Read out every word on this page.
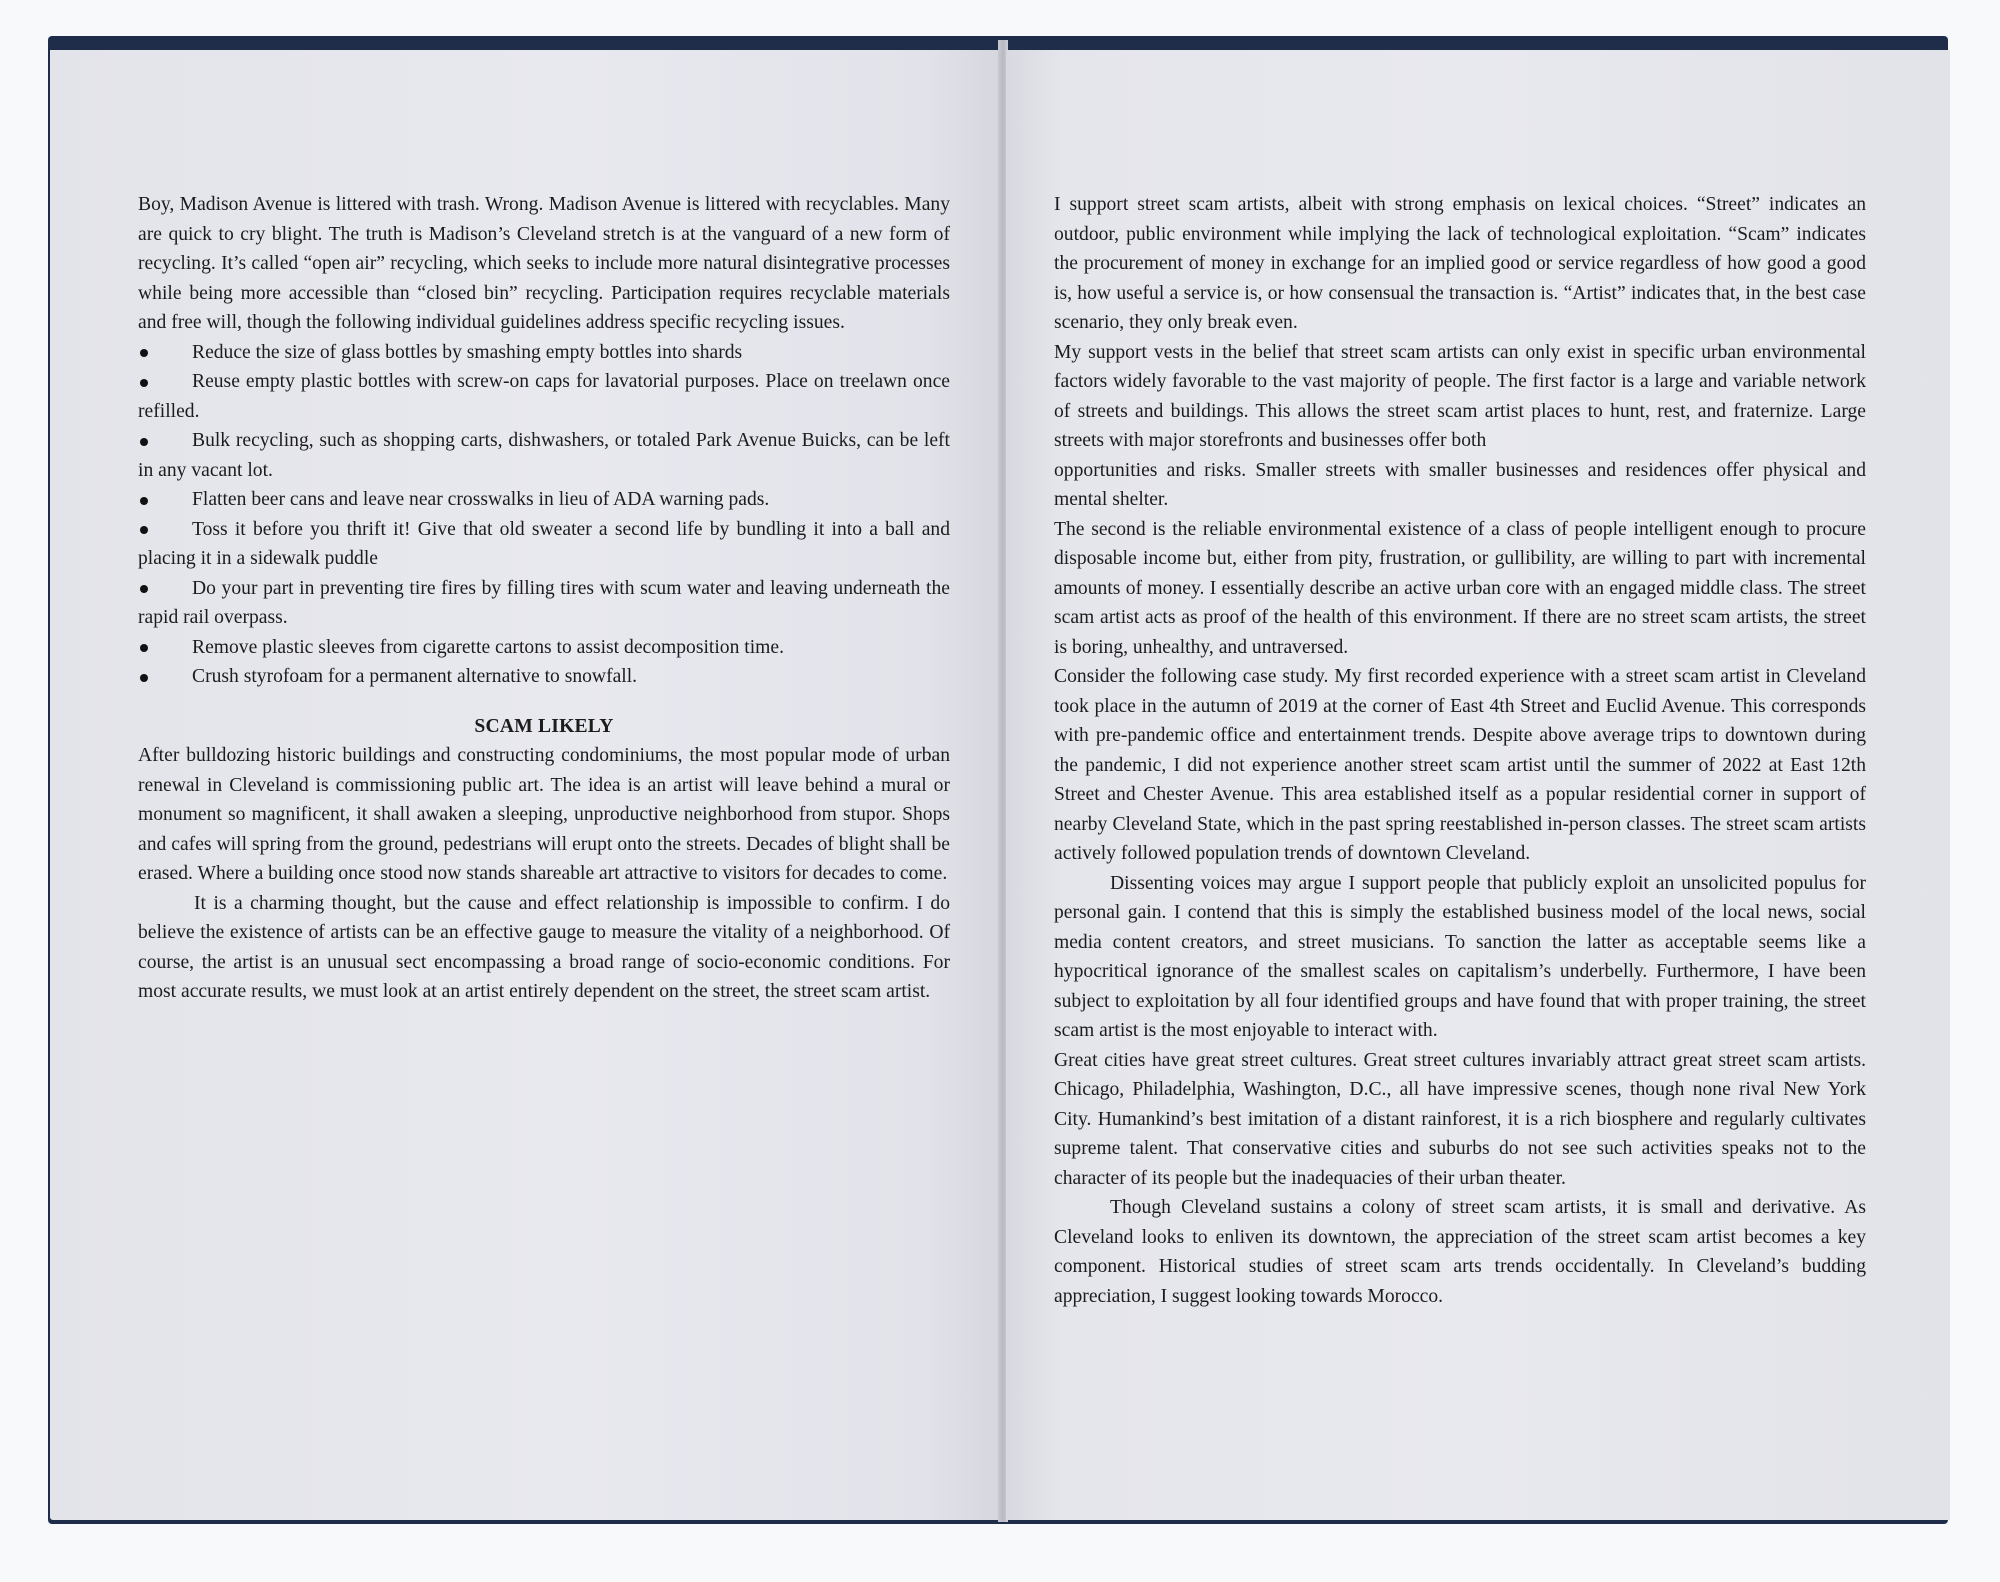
Boy, Madison Avenue is littered with trash. Wrong. Madison Avenue is littered with recyclables. Many are quick to cry blight. The truth is Madison’s Cleveland stretch is at the vanguard of a new form of recycling. It’s called “open air” recycling, which seeks to include more natural disintegrative processes while being more accessible than “closed bin” recycling. Participation requires recyclable materials and free will, though the following individual guidelines address specific recycling issues.

Reduce the size of glass bottles by smashing empty bottles into shards

Reuse empty plastic bottles with screw-on caps for lavatorial purposes. Place on treelawn once refilled.

Bulk recycling, such as shopping carts, dishwashers, or totaled Park Avenue Buicks, can be left in any vacant lot.

Flatten beer cans and leave near crosswalks in lieu of ADA warning pads.

Toss it before you thrift it! Give that old sweater a second life by bundling it into a ball and placing it in a sidewalk puddle

Do your part in preventing tire fires by filling tires with scum water and leaving underneath the rapid rail overpass.

Remove plastic sleeves from cigarette cartons to assist decomposition time.

Crush styrofoam for a permanent alternative to snowfall.

SCAM LIKELY

After bulldozing historic buildings and constructing condominiums, the most popular mode of urban renewal in Cleveland is commissioning public art. The idea is an artist will leave behind a mural or monument so magnificent, it shall awaken a sleeping, unproductive neighborhood from stupor. Shops and cafes will spring from the ground, pedestrians will erupt onto the streets. Decades of blight shall be erased. Where a building once stood now stands shareable art attractive to visitors for decades to come.

It is a charming thought, but the cause and effect relationship is impossible to confirm. I do believe the existence of artists can be an effective gauge to measure the vitality of a neighborhood. Of course, the artist is an unusual sect encompassing a broad range of socio-economic conditions. For most accurate results, we must look at an artist entirely dependent on the street, the street scam artist.

I support street scam artists, albeit with strong emphasis on lexical choices. “Street” indicates an outdoor, public environment while implying the lack of technological exploitation. “Scam” indicates the procurement of money in exchange for an implied good or service regardless of how good a good is, how useful a service is, or how consensual the transaction is. “Artist” indicates that, in the best case scenario, they only break even.

My support vests in the belief that street scam artists can only exist in specific urban environmental factors widely favorable to the vast majority of people. The first factor is a large and variable network of streets and buildings. This allows the street scam artist places to hunt, rest, and fraternize. Large streets with major storefronts and businesses offer both

opportunities and risks. Smaller streets with smaller businesses and residences offer physical and mental shelter.

The second is the reliable environmental existence of a class of people intelligent enough to procure disposable income but, either from pity, frustration, or gullibility, are willing to part with incremental amounts of money. I essentially describe an active urban core with an engaged middle class. The street scam artist acts as proof of the health of this environment. If there are no street scam artists, the street is boring, unhealthy, and untraversed.

Consider the following case study. My first recorded experience with a street scam artist in Cleveland took place in the autumn of 2019 at the corner of East 4th Street and Euclid Avenue. This corresponds with pre-pandemic office and entertainment trends. Despite above average trips to downtown during the pandemic, I did not experience another street scam artist until the summer of 2022 at East 12th Street and Chester Avenue. This area established itself as a popular residential corner in support of nearby Cleveland State, which in the past spring reestablished in-person classes. The street scam artists actively followed population trends of downtown Cleveland.

Dissenting voices may argue I support people that publicly exploit an unsolicited populus for personal gain. I contend that this is simply the established business model of the local news, social media content creators, and street musicians. To sanction the latter as acceptable seems like a hypocritical ignorance of the smallest scales on capitalism’s underbelly. Furthermore, I have been subject to exploitation by all four identified groups and have found that with proper training, the street scam artist is the most enjoyable to interact with.

Great cities have great street cultures. Great street cultures invariably attract great street scam artists. Chicago, Philadelphia, Washington, D.C., all have impressive scenes, though none rival New York City. Humankind’s best imitation of a distant rainforest, it is a rich biosphere and regularly cultivates supreme talent. That conservative cities and suburbs do not see such activities speaks not to the character of its people but the inadequacies of their urban theater.

Though Cleveland sustains a colony of street scam artists, it is small and derivative. As Cleveland looks to enliven its downtown, the appreciation of the street scam artist becomes a key component. Historical studies of street scam arts trends occidentally. In Cleveland’s budding appreciation, I suggest looking towards Morocco.
